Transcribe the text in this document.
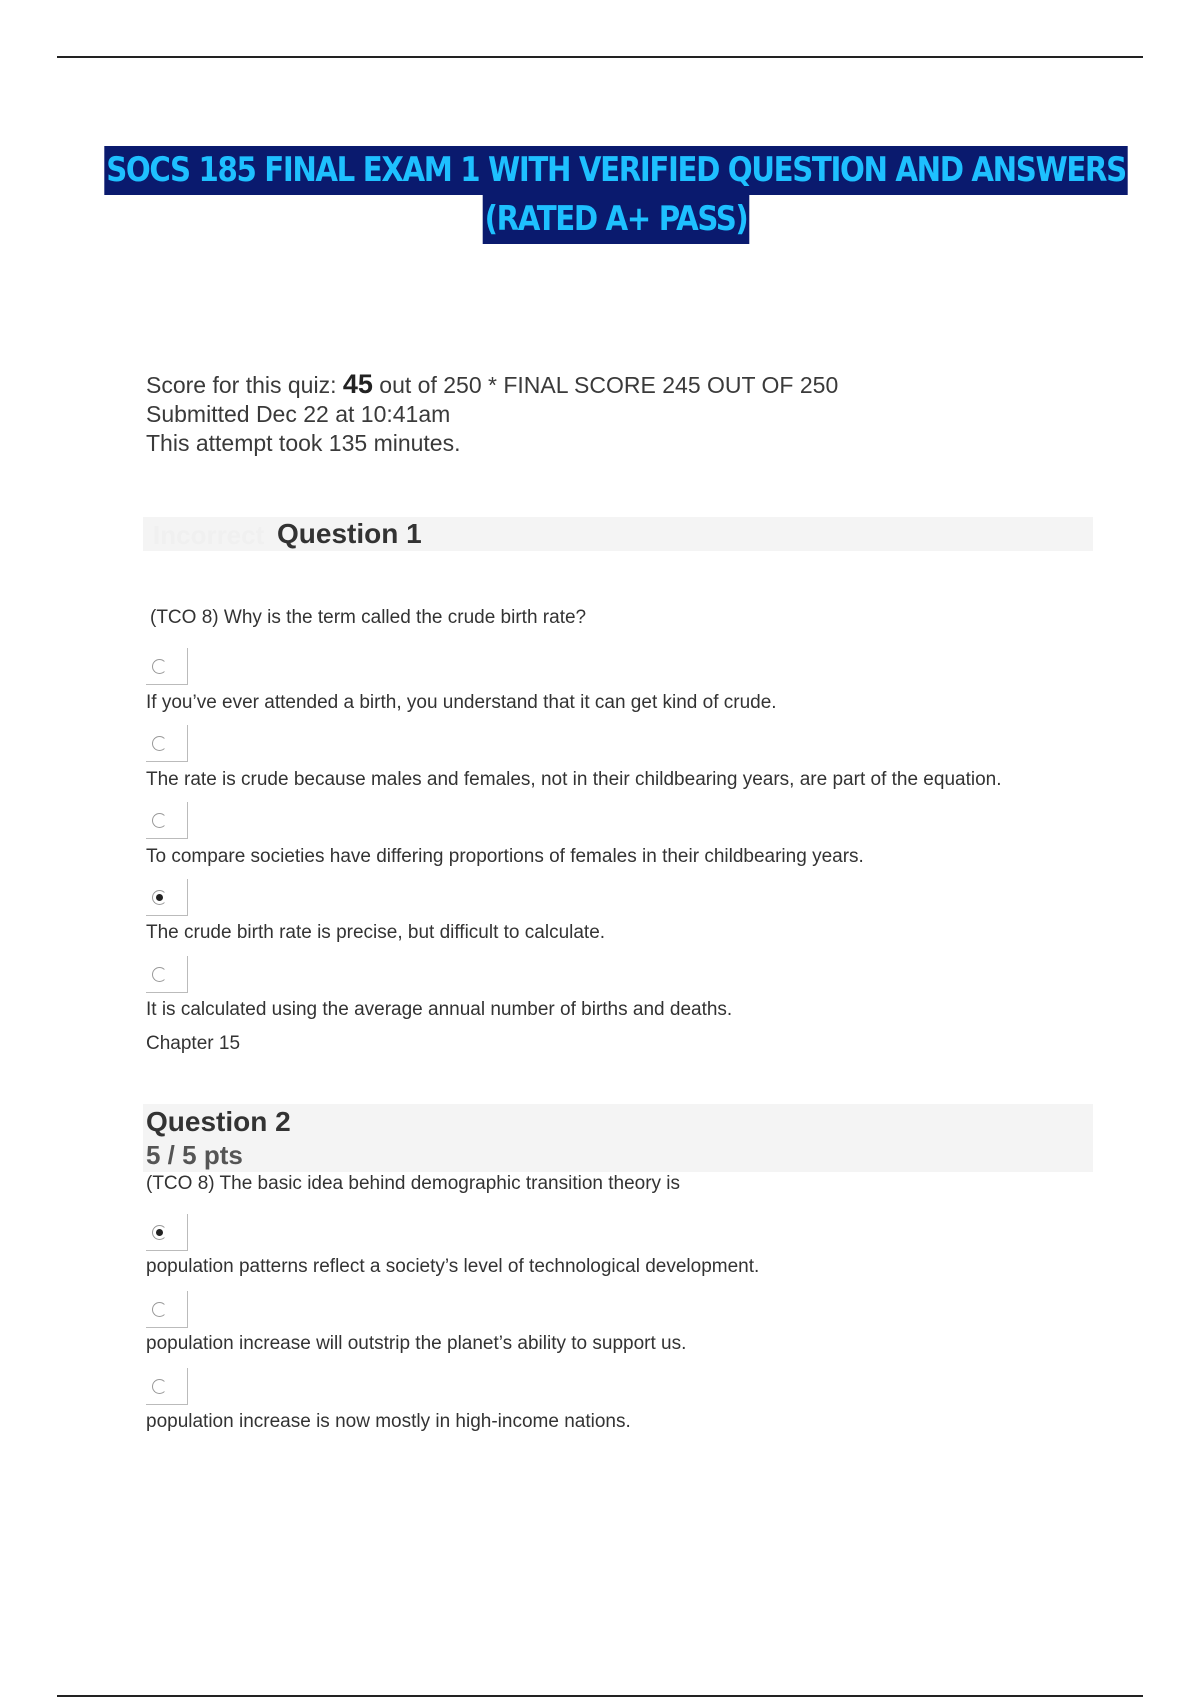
SOCS 185 FINAL EXAM 1 WITH VERIFIED QUESTION AND ANSWERS
(RATED A+ PASS)
Score for this quiz: 45 out of 250 * FINAL SCORE 245 OUT OF 250
Submitted Dec 22 at 10:41am
This attempt took 135 minutes.
Incorrect Question 1
(TCO 8) Why is the term called the crude birth rate?
If you’ve ever attended a birth, you understand that it can get kind of crude.
The rate is crude because males and females, not in their childbearing years, are part of the equation.
To compare societies have differing proportions of females in their childbearing years.
The crude birth rate is precise, but difficult to calculate.
It is calculated using the average annual number of births and deaths.
Chapter 15
Question 2
5 / 5 pts
(TCO 8) The basic idea behind demographic transition theory is
population patterns reflect a society’s level of technological development.
population increase will outstrip the planet’s ability to support us.
population increase is now mostly in high-income nations.
